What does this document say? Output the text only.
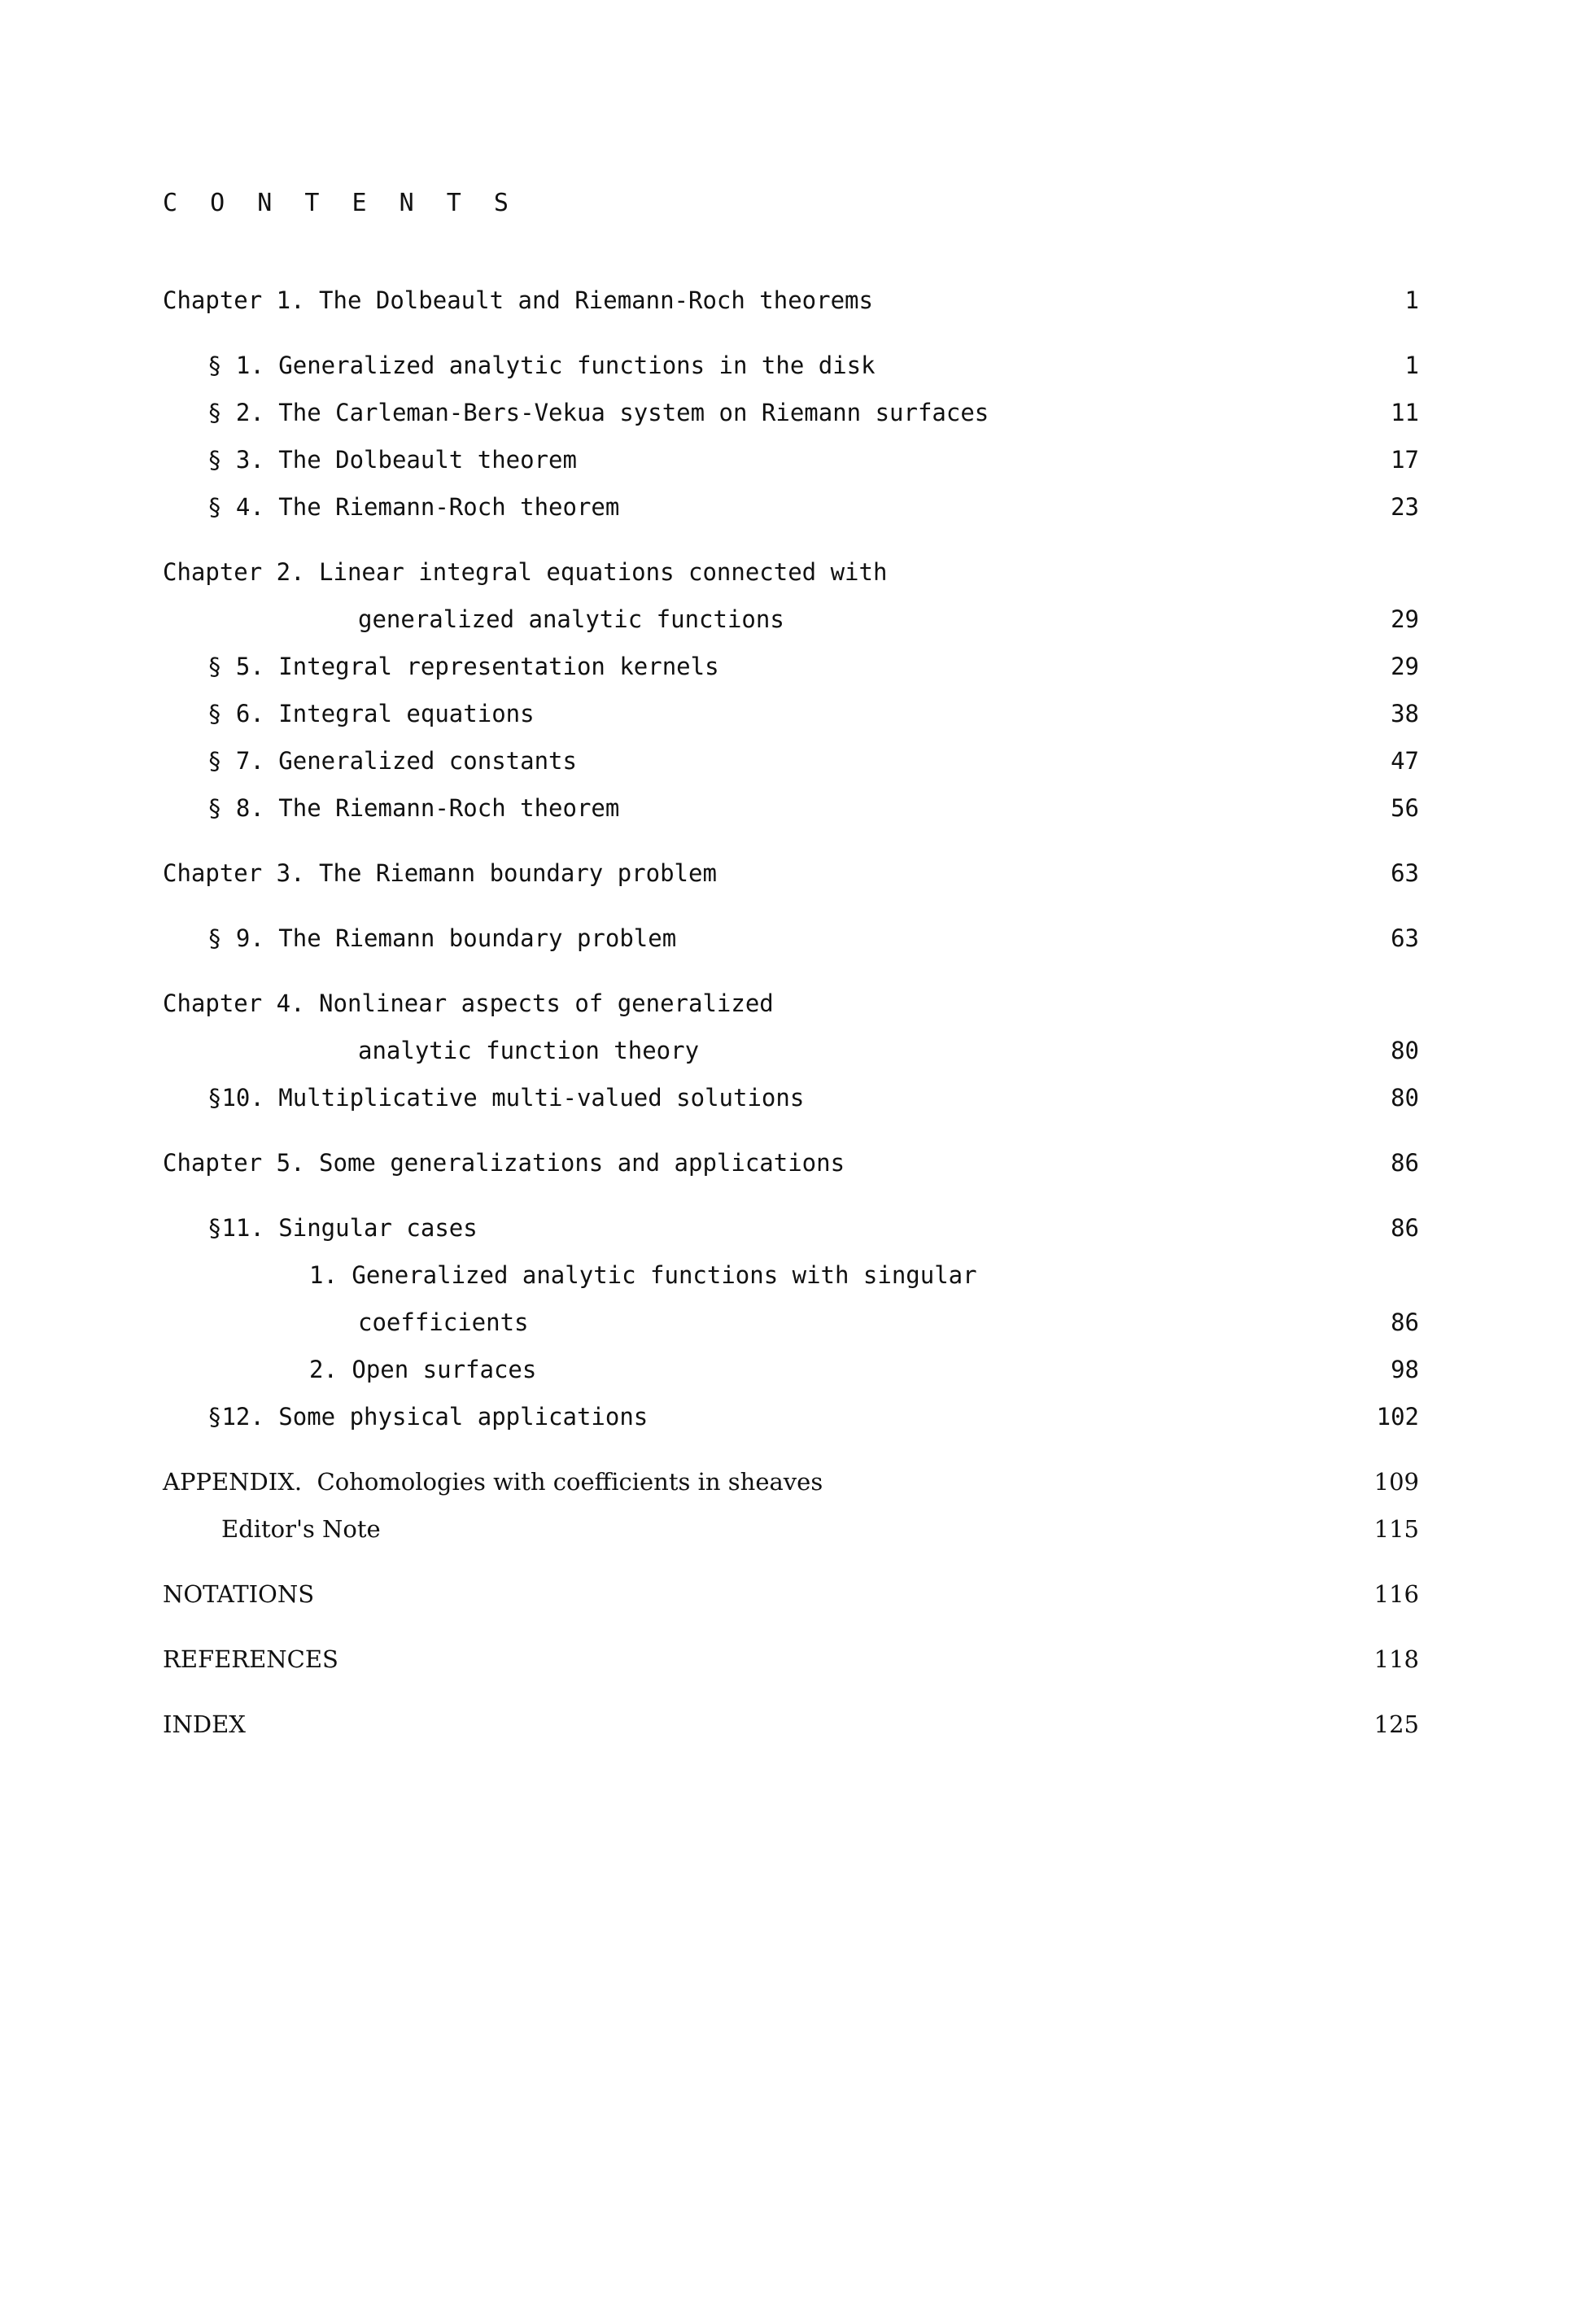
C O N T E N T S
Chapter 1. The Dolbeault and Riemann-Roch theorems	1
§ 1. Generalized analytic functions in the disk	1
§ 2. The Carleman-Bers-Vekua system on Riemann surfaces	11
§ 3. The Dolbeault theorem	17
§ 4. The Riemann-Roch theorem	23
Chapter 2. Linear integral equations connected with
generalized analytic functions	29
§ 5. Integral representation kernels	29
§ 6. Integral equations	38
§ 7. Generalized constants	47
§ 8. The Riemann-Roch theorem	56
Chapter 3. The Riemann boundary problem	63
§ 9. The Riemann boundary problem	63
Chapter 4. Nonlinear aspects of generalized
analytic function theory	80
§10. Multiplicative multi-valued solutions	80
Chapter 5. Some generalizations and applications	86
§11. Singular cases	86
1. Generalized analytic functions with singular
coefficients	86
2. Open surfaces	98
§12. Some physical applications	102
APPENDIX.  Cohomologies with coefficients in sheaves	109
Editor's Note	115
NOTATIONS	116
REFERENCES	118
INDEX	125
